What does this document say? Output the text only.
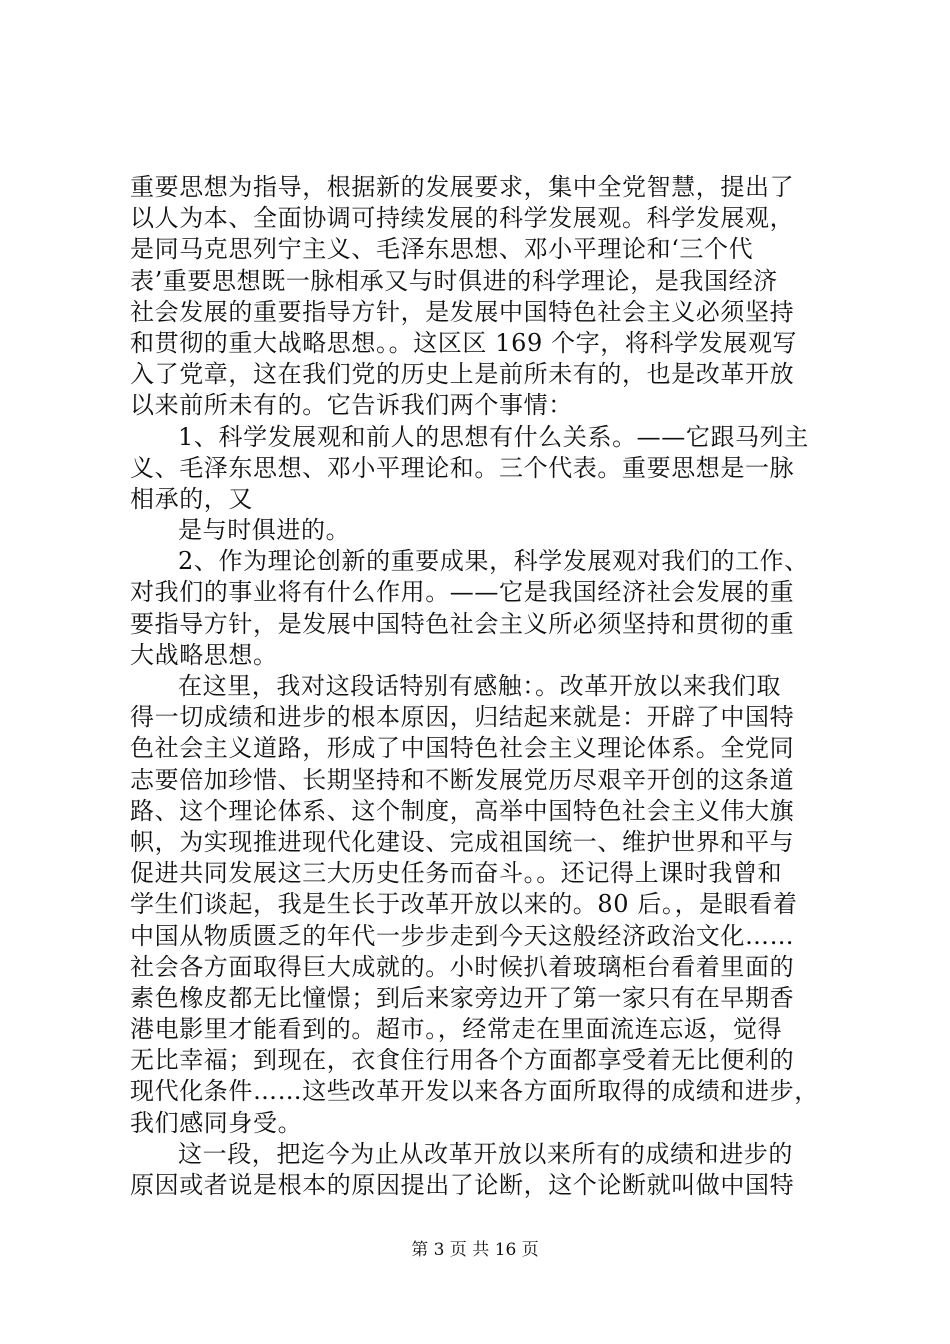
重要思想为指导，根据新的发展要求，集中全党智慧，提出了
以人为本、全面协调可持续发展的科学发展观。科学发展观，
是同马克思列宁主义、毛泽东思想、邓小平理论和‘三个代
表’重要思想既一脉相承又与时俱进的科学理论，是我国经济
社会发展的重要指导方针，是发展中国特色社会主义必须坚持
和贯彻的重大战略思想。。这区区 169 个字，将科学发展观写
入了党章，这在我们党的历史上是前所未有的，也是改革开放
以来前所未有的。它告诉我们两个事情：
1、科学发展观和前人的思想有什么关系。——它跟马列主
义、毛泽东思想、邓小平理论和。三个代表。重要思想是一脉
相承的，又
是与时俱进的。
2、作为理论创新的重要成果，科学发展观对我们的工作、
对我们的事业将有什么作用。——它是我国经济社会发展的重
要指导方针，是发展中国特色社会主义所必须坚持和贯彻的重
大战略思想。
在这里，我对这段话特别有感触：。改革开放以来我们取
得一切成绩和进步的根本原因，归结起来就是：开辟了中国特
色社会主义道路，形成了中国特色社会主义理论体系。全党同
志要倍加珍惜、长期坚持和不断发展党历尽艰辛开创的这条道
路、这个理论体系、这个制度，高举中国特色社会主义伟大旗
帜，为实现推进现代化建设、完成祖国统一、维护世界和平与
促进共同发展这三大历史任务而奋斗。。还记得上课时我曾和
学生们谈起，我是生长于改革开放以来的。80 后。，是眼看着
中国从物质匮乏的年代一步步走到今天这般经济政治文化……
社会各方面取得巨大成就的。小时候扒着玻璃柜台看着里面的
素色橡皮都无比憧憬；到后来家旁边开了第一家只有在早期香
港电影里才能看到的。超市。，经常走在里面流连忘返，觉得
无比幸福；到现在，衣食住行用各个方面都享受着无比便利的
现代化条件……这些改革开发以来各方面所取得的成绩和进步，
我们感同身受。
这一段，把迄今为止从改革开放以来所有的成绩和进步的
原因或者说是根本的原因提出了论断，这个论断就叫做中国特
第 3 页 共 16 页
